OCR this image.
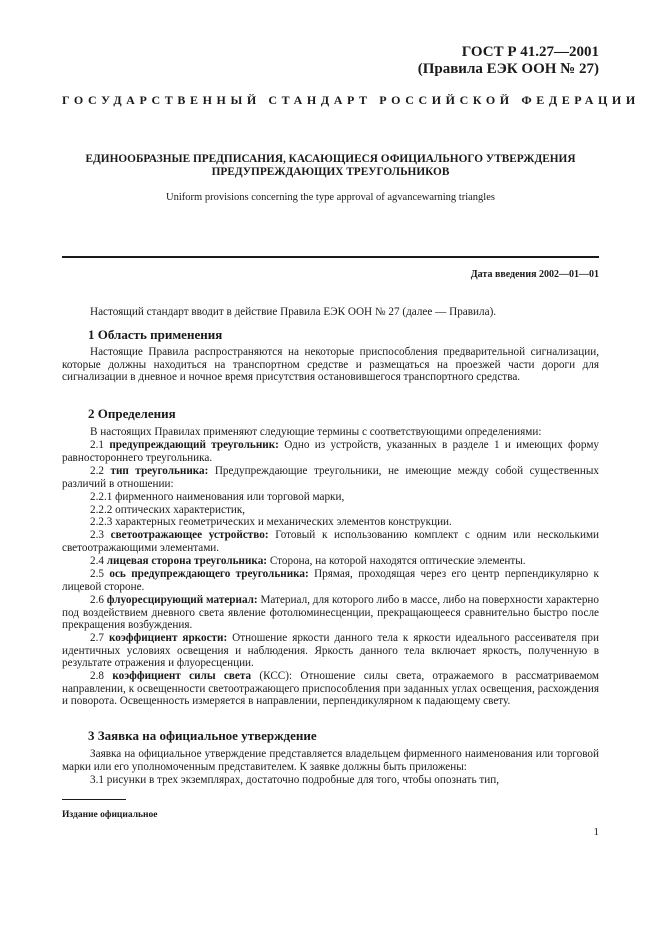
ГОСТ Р 41.27—2001
(Правила ЕЭК ООН № 27)
ГОСУДАРСТВЕННЫЙ СТАНДАРТ РОССИЙСКОЙ ФЕДЕРАЦИИ
ЕДИНООБРАЗНЫЕ ПРЕДПИСАНИЯ, КАСАЮЩИЕСЯ ОФИЦИАЛЬНОГО УТВЕРЖДЕНИЯ
ПРЕДУПРЕЖДАЮЩИХ ТРЕУГОЛЬНИКОВ
Uniform provisions concerning the type approval of agvancewarning triangles
Дата введения 2002—01—01
Настоящий стандарт вводит в действие Правила ЕЭК ООН № 27 (далее — Правила).
1 Область применения
Настоящие Правила распространяются на некоторые приспособления предварительной сигнализации, которые должны находиться на транспортном средстве и размещаться на проезжей части дороги для сигнализации в дневное и ночное время присутствия остановившегося транспортного средства.
2 Определения
В настоящих Правилах применяют следующие термины с соответствующими определениями:
2.1 предупреждающий треугольник: Одно из устройств, указанных в разделе 1 и имеющих форму равностороннего треугольника.
2.2 тип треугольника: Предупреждающие треугольники, не имеющие между собой существенных различий в отношении:
2.2.1 фирменного наименования или торговой марки,
2.2.2 оптических характеристик,
2.2.3 характерных геометрических и механических элементов конструкции.
2.3 светоотражающее устройство: Готовый к использованию комплект с одним или несколькими светоотражающими элементами.
2.4 лицевая сторона треугольника: Сторона, на которой находятся оптические элементы.
2.5 ось предупреждающего треугольника: Прямая, проходящая через его центр перпендикулярно к лицевой стороне.
2.6 флуоресцирующий материал: Материал, для которого либо в массе, либо на поверхности характерно под воздействием дневного света явление фотолюминесценции, прекращающееся сравнительно быстро после прекращения возбуждения.
2.7 коэффициент яркости: Отношение яркости данного тела к яркости идеального рассеивателя при идентичных условиях освещения и наблюдения. Яркость данного тела включает яркость, полученную в результате отражения и флуоресценции.
2.8 коэффициент силы света (КСС): Отношение силы света, отражаемого в рассматриваемом направлении, к освещенности светоотражающего приспособления при заданных углах освещения, расхождения и поворота. Освещенность измеряется в направлении, перпендикулярном к падающему свету.
3 Заявка на официальное утверждение
Заявка на официальное утверждение представляется владельцем фирменного наименования или торговой марки или его уполномоченным представителем. К заявке должны быть приложены:
3.1 рисунки в трех экземплярах, достаточно подробные для того, чтобы опознать тип,
Издание официальное
1
